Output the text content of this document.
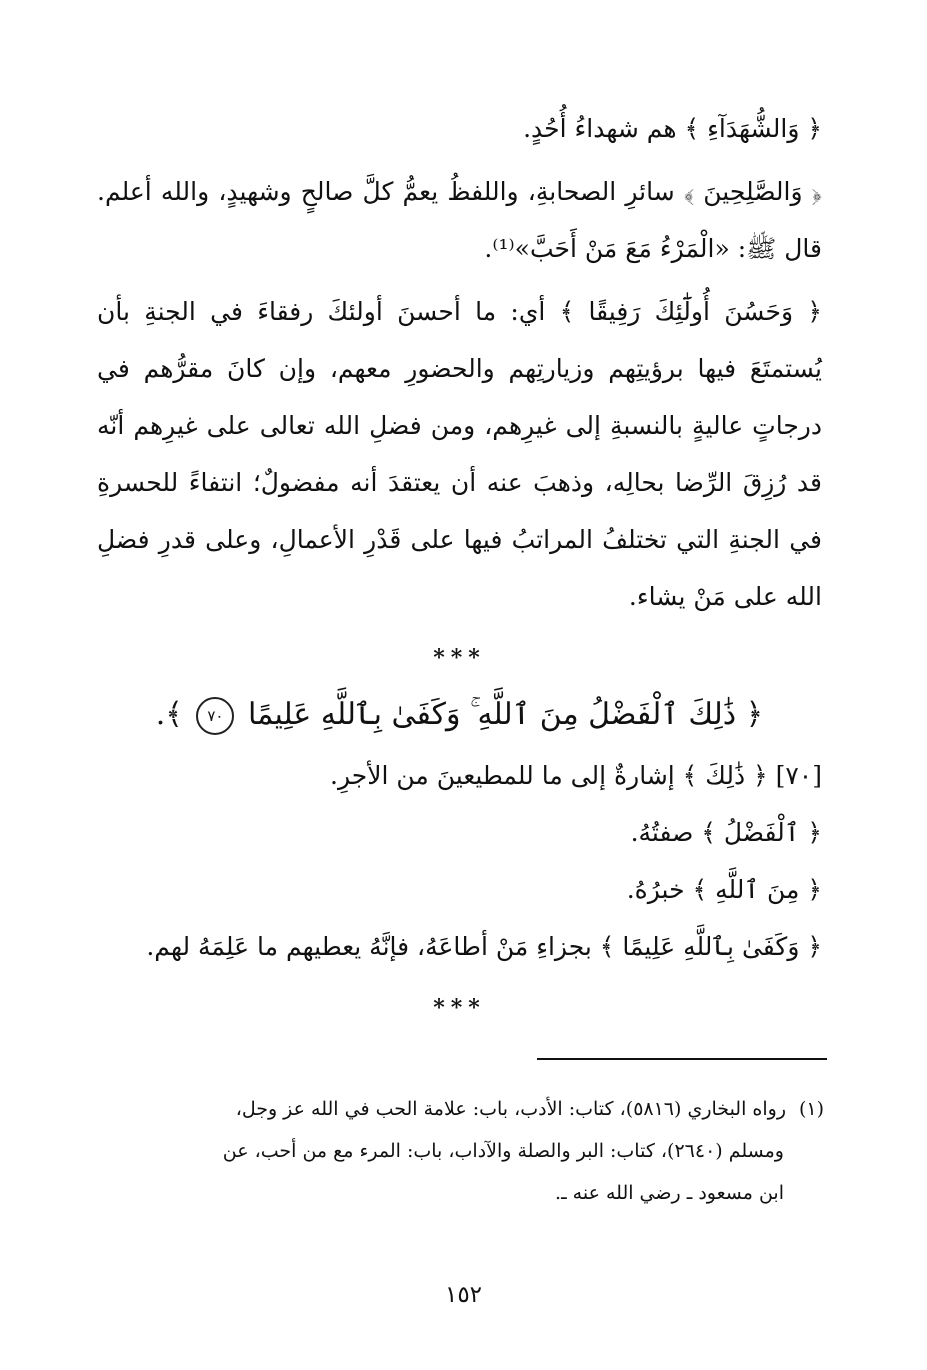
﴿ وَالشُّهَدَآءِ ﴾ هم شهداءُ أُحُدٍ.

﴿ وَالصَّلِحِينَ ﴾ سائرِ الصحابةِ، واللفظُ يعمُّ كلَّ صالحٍ وشهيدٍ، والله أعلم. قال ﷺ: «الْمَرْءُ مَعَ مَنْ أَحَبَّ»⁽¹⁾.

﴿ وَحَسُنَ أُولَٰٓئِكَ رَفِيقًا ﴾ أي: ما أحسنَ أولئكَ رفقاءَ في الجنةِ بأن يُستمتَعَ فيها برؤيتِهم وزيارتِهم والحضورِ معهم، وإن كانَ مقرُّهم في درجاتٍ عاليةٍ بالنسبةِ إلى غيرِهم، ومن فضلِ الله تعالى على غيرِهم أنّه قد رُزِقَ الرِّضا بحالِه، وذهبَ عنه أن يعتقدَ أنه مفضولٌ؛ انتفاءً للحسرةِ في الجنةِ التي تختلفُ المراتبُ فيها على قَدْرِ الأعمالِ، وعلى قدرِ فضلِ الله على مَنْ يشاء.

***
﴿ ذَٰلِكَ ٱلْفَضْلُ مِنَ ٱللَّهِ ۚ وَكَفَىٰ بِٱللَّهِ عَلِيمًا ٧٠ ﴾.

[٧٠] ﴿ ذَٰلِكَ ﴾ إشارةٌ إلى ما للمطيعينَ من الأجرِ.

﴿ ٱلْفَضْلُ ﴾ صفتُهُ.

﴿ مِنَ ٱللَّهِ ﴾ خبرُهُ.

﴿ وَكَفَىٰ بِٱللَّهِ عَلِيمًا ﴾ بجزاءِ مَنْ أطاعَهُ، فإنَّهُ يعطيهم ما عَلِمَهُ لهم.

***
(١)رواه البخاري (٥٨١٦)، كتاب: الأدب، باب: علامة الحب في الله عز وجل،
ومسلم (٢٦٤٠)، كتاب: البر والصلة والآداب، باب: المرء مع من أحب، عن
ابن مسعود ـ رضي الله عنه ـ.
١٥٢
